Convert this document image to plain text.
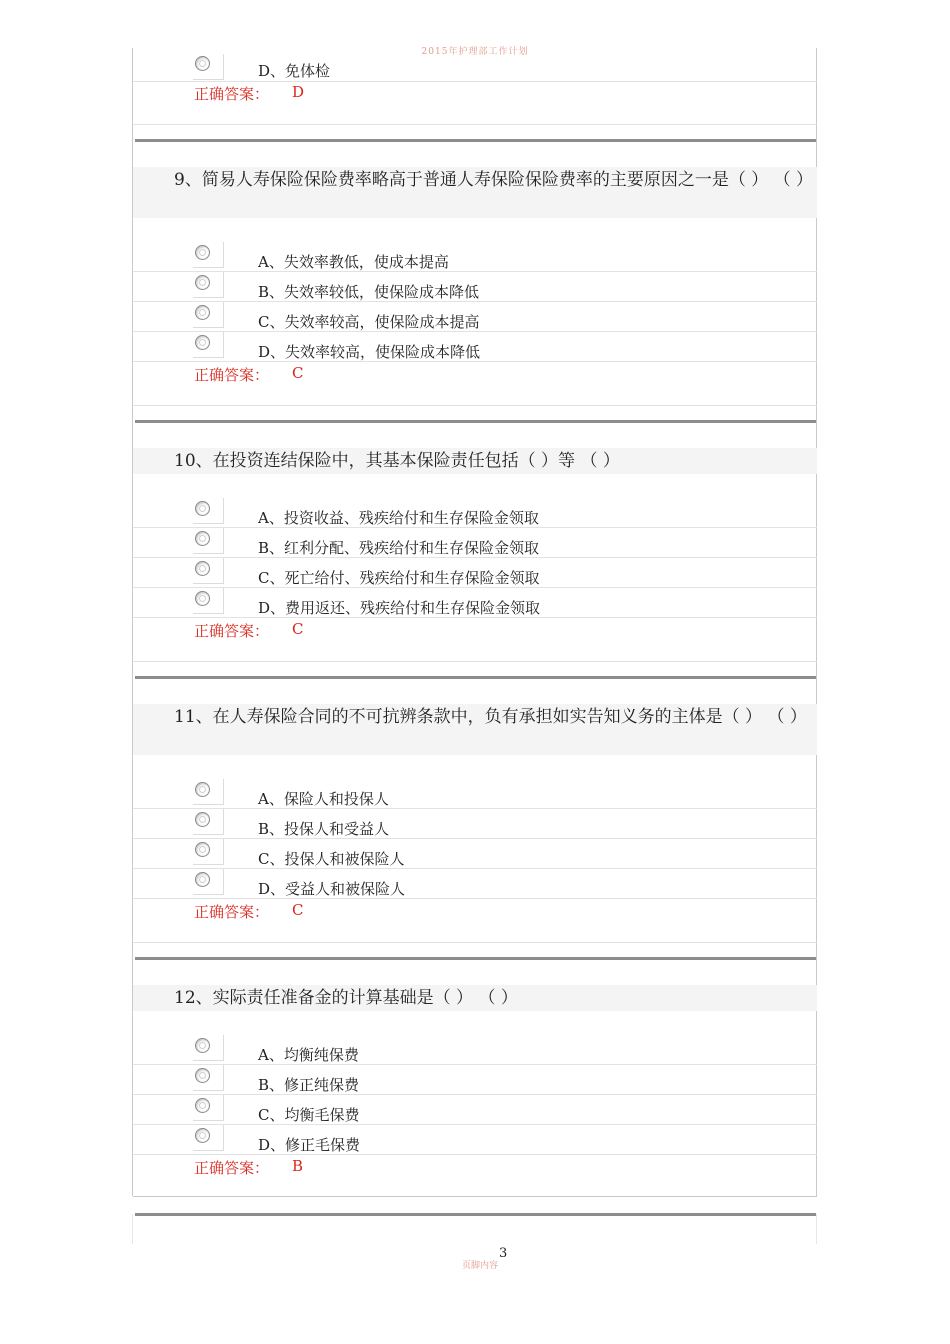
2015年护理部工作计划
D、免体检
正确答案： D
9、简易人寿保险保险费率略高于普通人寿保险保险费率的主要原因之一是（ ） （ ）
A、失效率教低，使成本提高
B、失效率较低，使保险成本降低
C、失效率较高，使保险成本提高
D、失效率较高，使保险成本降低
正确答案： C
10、在投资连结保险中，其基本保险责任包括（ ）等 （ ）
A、投资收益、残疾给付和生存保险金领取
B、红利分配、残疾给付和生存保险金领取
C、死亡给付、残疾给付和生存保险金领取
D、费用返还、残疾给付和生存保险金领取
正确答案： C
11、在人寿保险合同的不可抗辨条款中，负有承担如实告知义务的主体是（ ） （ ）
A、保险人和投保人
B、投保人和受益人
C、投保人和被保险人
D、受益人和被保险人
正确答案： C
12、实际责任准备金的计算基础是（ ） （ ）
A、均衡纯保费
B、修正纯保费
C、均衡毛保费
D、修正毛保费
正确答案： B
3
页脚内容
